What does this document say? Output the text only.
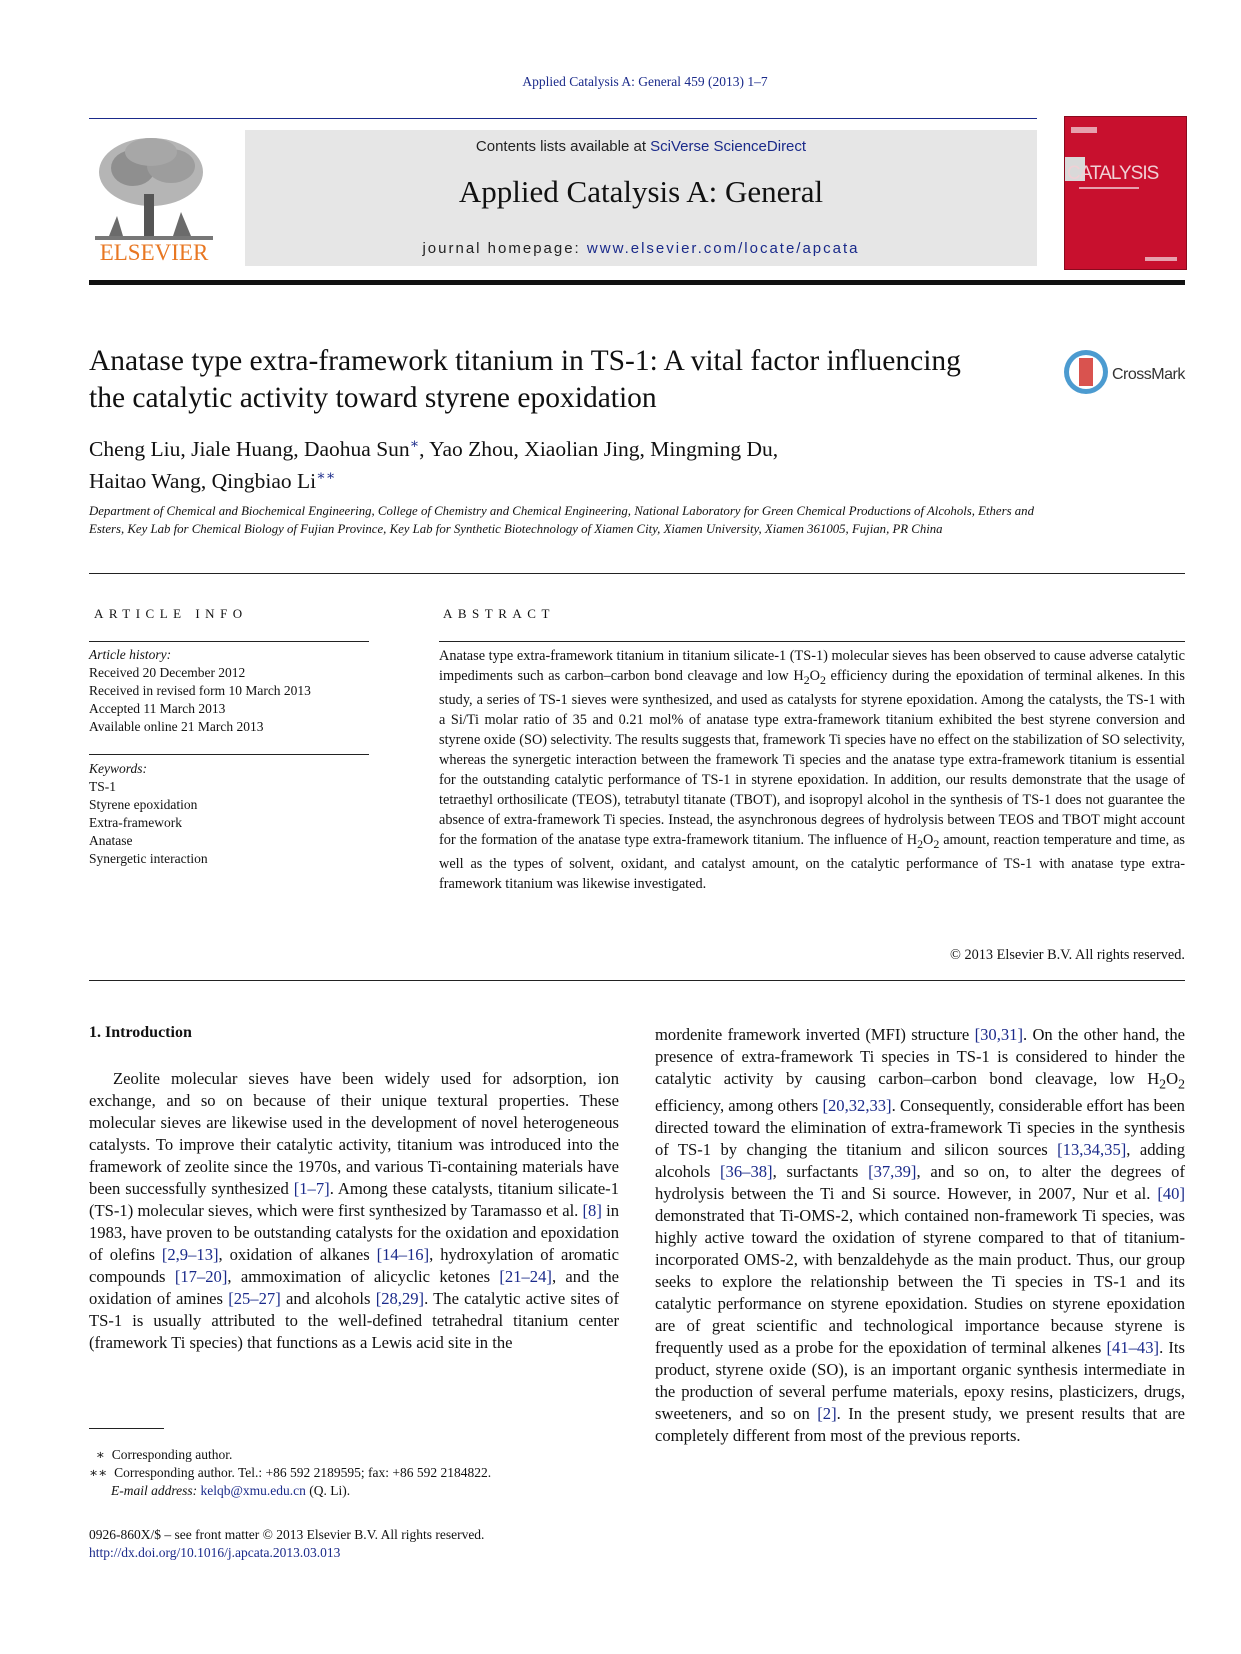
Applied Catalysis A: General 459 (2013) 1–7
ELSEVIER
Contents lists available at SciVerse ScienceDirect
Applied Catalysis A: General
journal homepage: www.elsevier.com/locate/apcata
CATALYSIS
Anatase type extra-framework titanium in TS-1: A vital factor influencing the catalytic activity toward styrene epoxidation
CrossMark
Cheng Liu, Jiale Huang, Daohua Sun∗, Yao Zhou, Xiaolian Jing, Mingming Du,
Haitao Wang, Qingbiao Li∗∗
Department of Chemical and Biochemical Engineering, College of Chemistry and Chemical Engineering, National Laboratory for Green Chemical Productions of Alcohols, Ethers and Esters, Key Lab for Chemical Biology of Fujian Province, Key Lab for Synthetic Biotechnology of Xiamen City, Xiamen University, Xiamen 361005, Fujian, PR China
ARTICLE INFO
Article history:
Received 20 December 2012
Received in revised form 10 March 2013
Accepted 11 March 2013
Available online 21 March 2013
Keywords:
TS-1
Styrene epoxidation
Extra-framework
Anatase
Synergetic interaction
ABSTRACT
Anatase type extra-framework titanium in titanium silicate-1 (TS-1) molecular sieves has been observed to cause adverse catalytic impediments such as carbon–carbon bond cleavage and low $H_2O_2$ efficiency during the epoxidation of terminal alkenes. In this study, a series of TS-1 sieves were synthesized, and used as catalysts for styrene epoxidation. Among the catalysts, the TS-1 with a Si/Ti molar ratio of 35 and 0.21 mol% of anatase type extra-framework titanium exhibited the best styrene conversion and styrene oxide (SO) selectivity. The results suggests that, framework Ti species have no effect on the stabilization of SO selectivity, whereas the synergetic interaction between the framework Ti species and the anatase type extra-framework titanium is essential for the outstanding catalytic performance of TS-1 in styrene epoxidation. In addition, our results demonstrate that the usage of tetraethyl orthosilicate (TEOS), tetrabutyl titanate (TBOT), and isopropyl alcohol in the synthesis of TS-1 does not guarantee the absence of extra-framework Ti species. Instead, the asynchronous degrees of hydrolysis between TEOS and TBOT might account for the formation of the anatase type extra-framework titanium. The influence of $H_2O_2$ amount, reaction temperature and time, as well as the types of solvent, oxidant, and catalyst amount, on the catalytic performance of TS-1 with anatase type extra-framework titanium was likewise investigated.
© 2013 Elsevier B.V. All rights reserved.
1. Introduction
Zeolite molecular sieves have been widely used for adsorption, ion exchange, and so on because of their unique textural properties. These molecular sieves are likewise used in the development of novel heterogeneous catalysts. To improve their catalytic activity, titanium was introduced into the framework of zeolite since the 1970s, and various Ti-containing materials have been successfully synthesized [1–7]. Among these catalysts, titanium silicate-1 (TS-1) molecular sieves, which were first synthesized by Taramasso et al. [8] in 1983, have proven to be outstanding catalysts for the oxidation and epoxidation of olefins [2,9–13], oxidation of alkanes [14–16], hydroxylation of aromatic compounds [17–20], ammoximation of alicyclic ketones [21–24], and the oxidation of amines [25–27] and alcohols [28,29]. The catalytic active sites of TS-1 is usually attributed to the well-defined tetrahedral titanium center (framework Ti species) that functions as a Lewis acid site in the
mordenite framework inverted (MFI) structure [30,31]. On the other hand, the presence of extra-framework Ti species in TS-1 is considered to hinder the catalytic activity by causing carbon–carbon bond cleavage, low $H_2O_2$ efficiency, among others [20,32,33]. Consequently, considerable effort has been directed toward the elimination of extra-framework Ti species in the synthesis of TS-1 by changing the titanium and silicon sources [13,34,35], adding alcohols [36–38], surfactants [37,39], and so on, to alter the degrees of hydrolysis between the Ti and Si source. However, in 2007, Nur et al. [40] demonstrated that Ti-OMS-2, which contained non-framework Ti species, was highly active toward the oxidation of styrene compared to that of titanium-incorporated OMS-2, with benzaldehyde as the main product. Thus, our group seeks to explore the relationship between the Ti species in TS-1 and its catalytic performance on styrene epoxidation. Studies on styrene epoxidation are of great scientific and technological importance because styrene is frequently used as a probe for the epoxidation of terminal alkenes [41–43]. Its product, styrene oxide (SO), is an important organic synthesis intermediate in the production of several perfume materials, epoxy resins, plasticizers, drugs, sweeteners, and so on [2]. In the present study, we present results that are completely different from most of the previous reports.
∗ Corresponding author.
∗∗ Corresponding author. Tel.: +86 592 2189595; fax: +86 592 2184822.
E-mail address: kelqb@xmu.edu.cn (Q. Li).
0926-860X/$ – see front matter © 2013 Elsevier B.V. All rights reserved.
http://dx.doi.org/10.1016/j.apcata.2013.03.013
